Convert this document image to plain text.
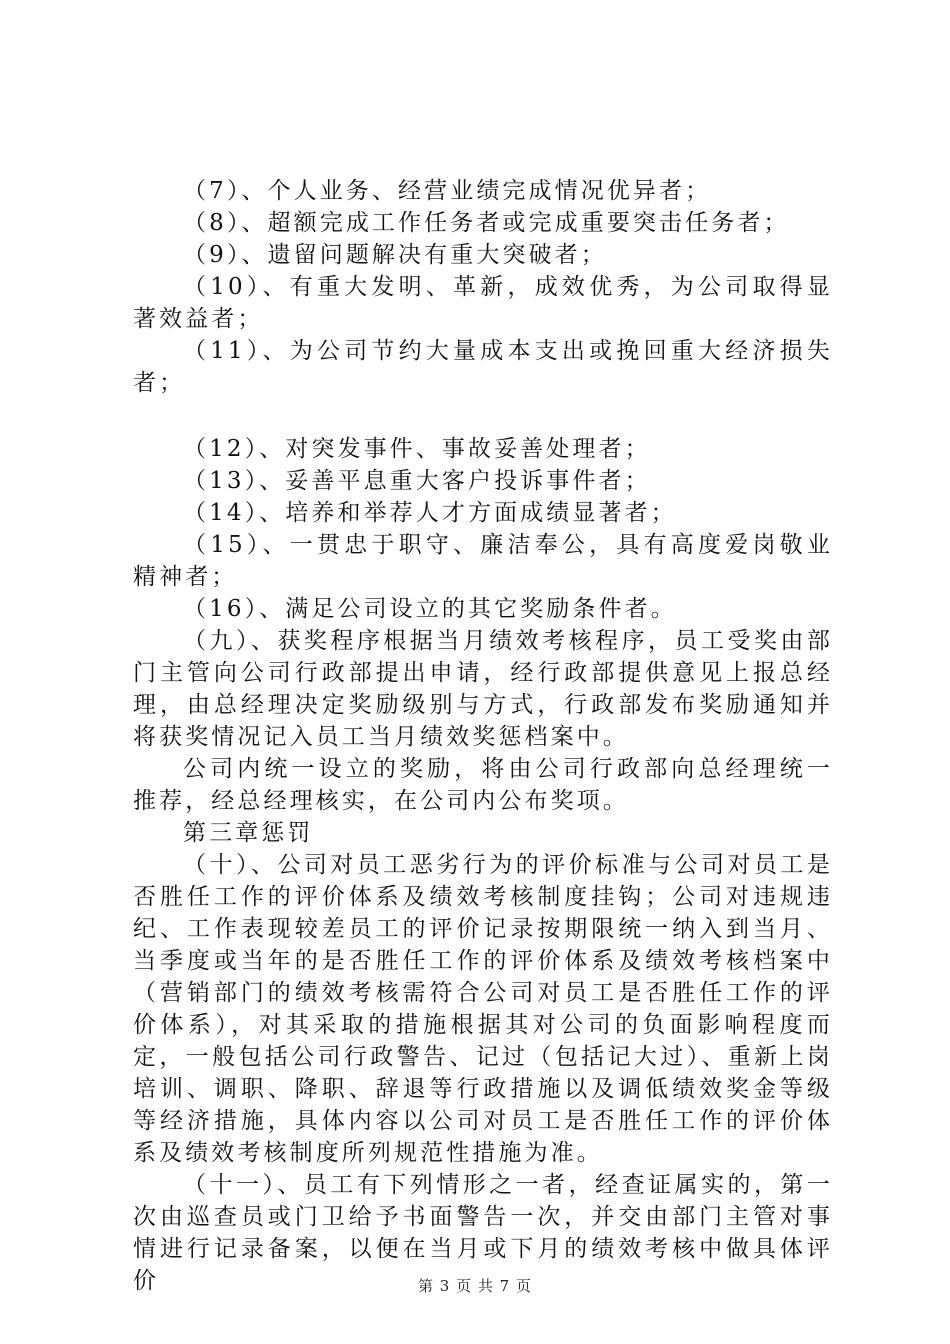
（7）、个人业务、经营业绩完成情况优异者；

（8）、超额完成工作任务者或完成重要突击任务者；

（9）、遗留问题解决有重大突破者；

（10）、有重大发明、革新，成效优秀，为公司取得显著效益者；

（11）、为公司节约大量成本支出或挽回重大经济损失者；

（12）、对突发事件、事故妥善处理者；

（13）、妥善平息重大客户投诉事件者；

（14）、培养和举荐人才方面成绩显著者；

（15）、一贯忠于职守、廉洁奉公，具有高度爱岗敬业精神者；

（16）、满足公司设立的其它奖励条件者。

（九）、获奖程序根据当月绩效考核程序，员工受奖由部门主管向公司行政部提出申请，经行政部提供意见上报总经理，由总经理决定奖励级别与方式，行政部发布奖励通知并将获奖情况记入员工当月绩效奖惩档案中。

公司内统一设立的奖励，将由公司行政部向总经理统一推荐，经总经理核实，在公司内公布奖项。

第三章惩罚

（十）、公司对员工恶劣行为的评价标准与公司对员工是否胜任工作的评价体系及绩效考核制度挂钩；公司对违规违纪、工作表现较差员工的评价记录按期限统一纳入到当月、当季度或当年的是否胜任工作的评价体系及绩效考核档案中（营销部门的绩效考核需符合公司对员工是否胜任工作的评价体系），对其采取的措施根据其对公司的负面影响程度而定，一般包括公司行政警告、记过（包括记大过）、重新上岗培训、调职、降职、辞退等行政措施以及调低绩效奖金等级等经济措施，具体内容以公司对员工是否胜任工作的评价体系及绩效考核制度所列规范性措施为准。

（十一）、员工有下列情形之一者，经查证属实的，第一次由巡查员或门卫给予书面警告一次，并交由部门主管对事情进行记录备案，以便在当月或下月的绩效考核中做具体评价	第 3 页 共 7 页
